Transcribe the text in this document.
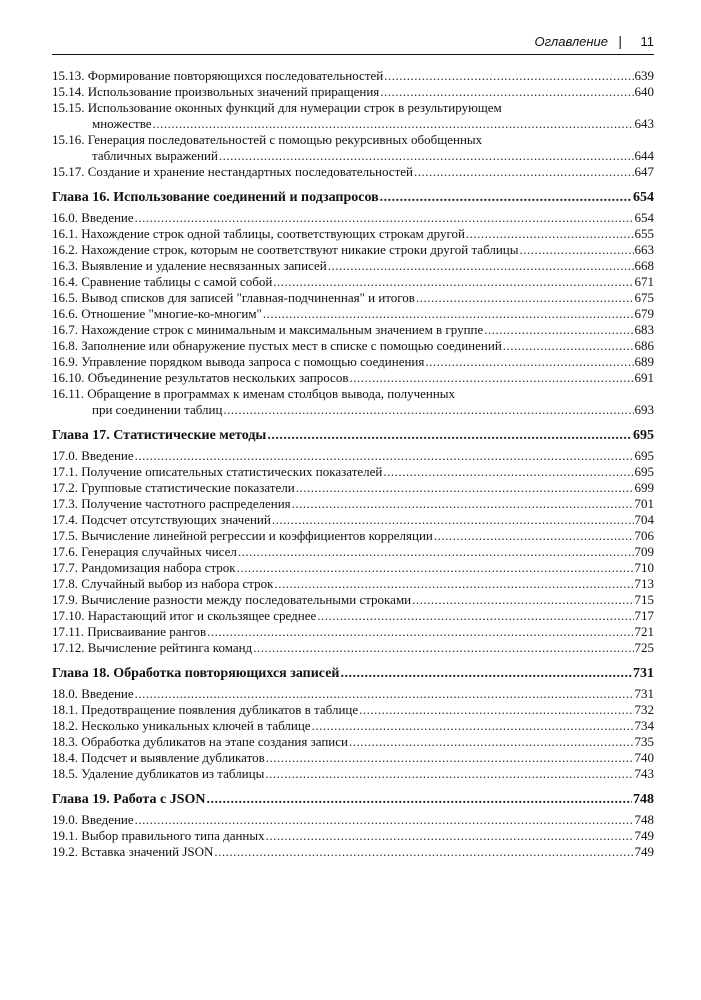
Оглавление | 11
15.13. Формирование повторяющихся последовательностей .....	639
15.14. Использование произвольных значений приращения .....	640
15.15. Использование оконных функций для нумерации строк в результирующем
множестве .....	643
15.16. Генерация последовательностей с помощью рекурсивных обобщенных
табличных выражений .....	644
15.17. Создание и хранение нестандартных последовательностей .....	647
Глава 16. Использование соединений и подзапросов .....	654
16.0. Введение .....	654
16.1. Нахождение строк одной таблицы, соответствующих строкам другой .....	655
16.2. Нахождение строк, которым не соответствуют никакие строки другой таблицы .....	663
16.3. Выявление и удаление несвязанных записей .....	668
16.4. Сравнение таблицы с самой собой .....	671
16.5. Вывод списков для записей "главная-подчиненная" и итогов .....	675
16.6. Отношение "многие-ко-многим" .....	679
16.7. Нахождение строк с минимальным и максимальным значением в группе .....	683
16.8. Заполнение или обнаружение пустых мест в списке с помощью соединений .....	686
16.9. Управление порядком вывода запроса с помощью соединения .....	689
16.10. Объединение результатов нескольких запросов .....	691
16.11. Обращение в программах к именам столбцов вывода, полученных
при соединении таблиц .....	693
Глава 17. Статистические методы .....	695
17.0. Введение .....	695
17.1. Получение описательных статистических показателей .....	695
17.2. Групповые статистические показатели .....	699
17.3. Получение частотного распределения .....	701
17.4. Подсчет отсутствующих значений .....	704
17.5. Вычисление линейной регрессии и коэффициентов корреляции .....	706
17.6. Генерация случайных чисел .....	709
17.7. Рандомизация набора строк .....	710
17.8. Случайный выбор из набора строк .....	713
17.9. Вычисление разности между последовательными строками .....	715
17.10. Нарастающий итог и скользящее среднее .....	717
17.11. Присваивание рангов .....	721
17.12. Вычисление рейтинга команд .....	725
Глава 18. Обработка повторяющихся записей .....	731
18.0. Введение .....	731
18.1. Предотвращение появления дубликатов в таблице .....	732
18.2. Несколько уникальных ключей в таблице .....	734
18.3. Обработка дубликатов на этапе создания записи .....	735
18.4. Подсчет и выявление дубликатов .....	740
18.5. Удаление дубликатов из таблицы .....	743
Глава 19. Работа с JSON .....	748
19.0. Введение .....	748
19.1. Выбор правильного типа данных .....	749
19.2. Вставка значений JSON .....	749
